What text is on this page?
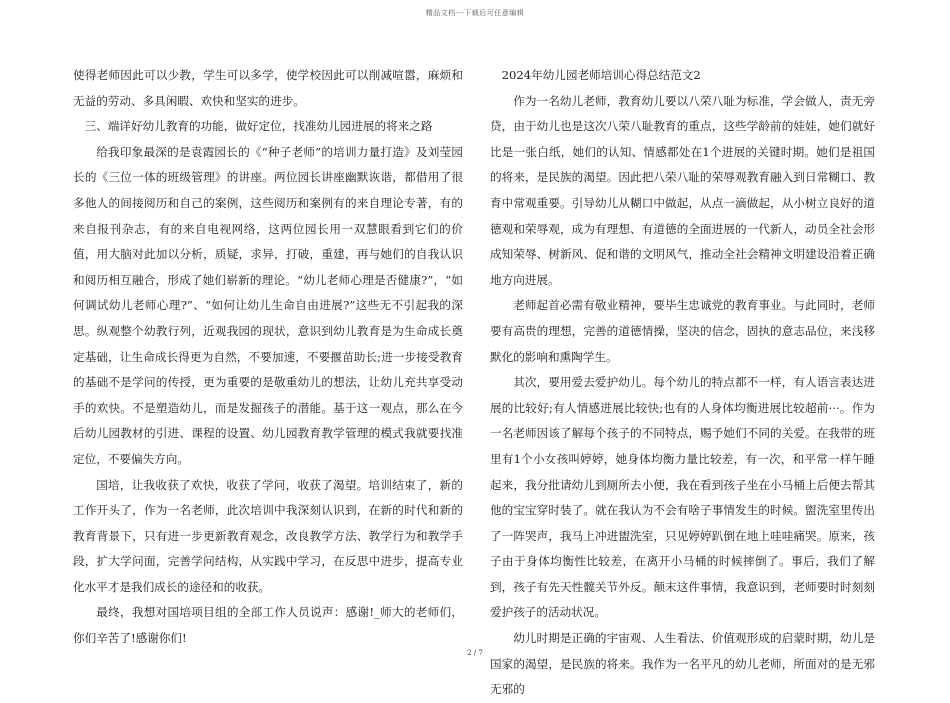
精品文档---下载后可任意编辑

使得老师因此可以少教，学生可以多学，使学校因此可以削减喧嚣，麻烦和无益的劳动、多具闲暇、欢快和坚实的进步。

三、端详好幼儿教育的功能，做好定位，找准幼儿园进展的将来之路

给我印象最深的是袁霞园长的《“种子老师”的培训力量打造》及刘莹园长的《三位一体的班级管理》的讲座。两位园长讲座幽默诙谐，都借用了很多他人的间接阅历和自己的案例，这些阅历和案例有的来自理论专著，有的来自报刊杂志，有的来自电视网络，这两位园长用一双慧眼看到它们的价值，用大脑对此加以分析，质疑，求异，打破，重建，再与她们的自我认识和阅历相互融合，形成了她们崭新的理论。“幼儿老师心理是否健康?”，“如何调试幼儿老师心理?”、“如何让幼儿生命自由进展?”这些无不引起我的深思。纵观整个幼教行列，近观我园的现状，意识到幼儿教育是为生命成长奠定基础，让生命成长得更为自然，不要加速，不要揠苗助长;进一步接受教育的基础不是学问的传授，更为重要的是敬重幼儿的想法，让幼儿充共享受动手的欢快。不是塑造幼儿，而是发掘孩子的潜能。基于这一观点，那么在今后幼儿园教材的引进、课程的设置、幼儿园教育教学管理的模式我就要找准定位，不要偏失方向。

国培，让我收获了欢快，收获了学问，收获了渴望。培训结束了，新的工作开头了，作为一名老师，此次培训中我深刻认识到，在新的时代和新的教育背景下，只有进一步更新教育观念，改良教学方法、教学行为和教学手段，扩大学问面，完善学问结构，从实践中学习，在反思中进步，提高专业化水平才是我们成长的途径和的收获。

最终，我想对国培项目组的全部工作人员说声：感谢!_师大的老师们，你们辛苦了!感谢你们!

2024年幼儿园老师培训心得总结范文2

作为一名幼儿老师，教育幼儿要以八荣八耻为标准，学会做人，责无旁贷，由于幼儿也是这次八荣八耻教育的重点，这些学龄前的娃娃，她们就好比是一张白纸，她们的认知、情感都处在1个进展的关键时期。她们是祖国的将来，是民族的渴望。因此把八荣八耻的荣辱观教育融入到日常糊口、教育中常观重要。引导幼儿从糊口中做起，从点一滴做起，从小树立良好的道德观和荣辱观，成为有理想、有道德的全面进展的一代新人，动员全社会形成知荣辱、树新风、促和谐的文明风气，推动全社会精神文明建设沿着正确地方向进展。

老师起首必需有敬业精神，要毕生忠诚党的教育事业。与此同时，老师要有高贵的理想，完善的道德情操，坚决的信念，固执的意志品位，来浅移默化的影响和熏陶学生。

其次，要用爱去爱护幼儿。每个幼儿的特点都不一样，有人语言表达进展的比较好;有人情感进展比较快;也有的人身体均衡进展比较超前···。作为一名老师因该了解每个孩子的不同特点，赐予她们不同的关爱。在我带的班里有1个小女孩叫婷婷，她身体均衡力量比较差，有一次，和平常一样午睡起来，我分批请幼儿到厕所去小便，我在看到孩子坐在小马桶上后便去帮其他的宝宝穿时装了。就在我认为不会有啥子事情发生的时候。盥洗室里传出了一阵哭声，我马上冲进盥洗室，只见婷婷趴倒在地上哇哇痛哭。原来，孩子由于身体均衡性比较差，在离开小马桶的时候摔倒了。事后，我们了解到，孩子有先天性髋关节外反。颠末这件事情，我意识到，老师要时时刻刻爱护孩子的活动状况。

幼儿时期是正确的宇宙观、人生看法、价值观形成的启蒙时期，幼儿是国家的渴望，是民族的将来。我作为一名平凡的幼儿老师，所面对的是无邪无邪的

2 / 7
